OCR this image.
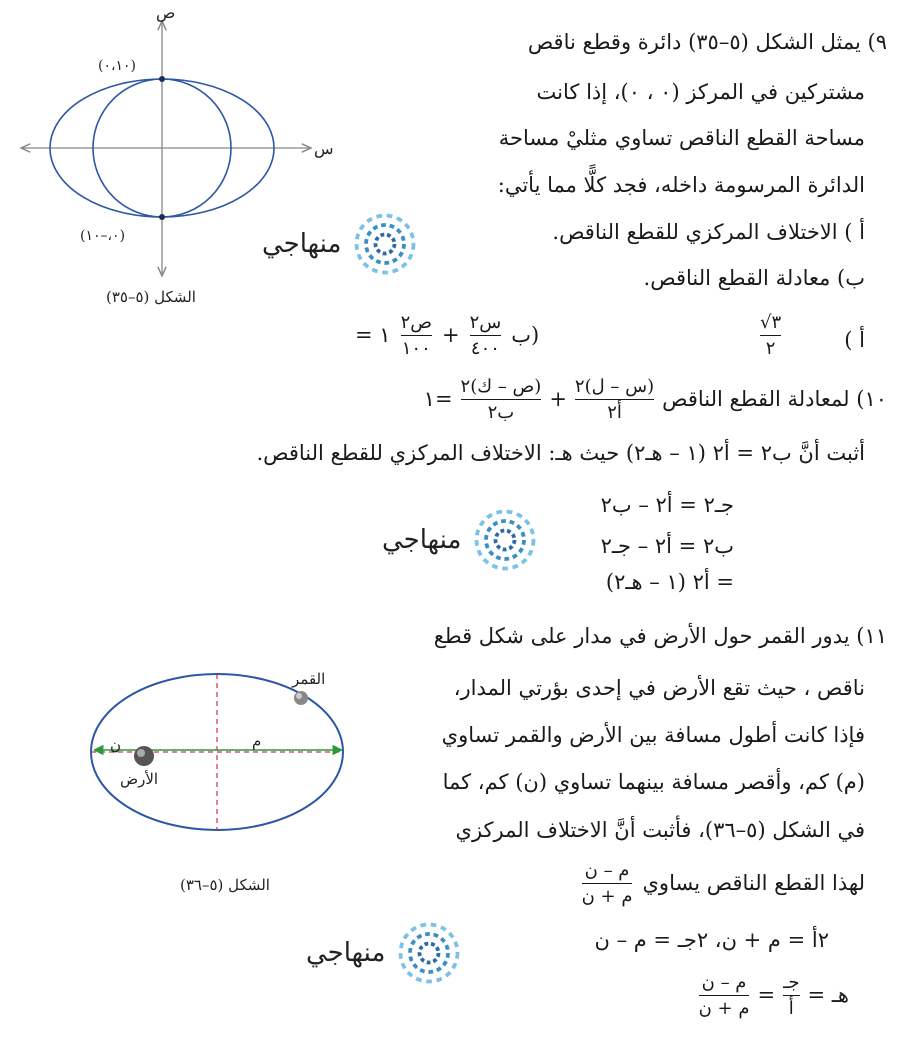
٩) يمثل الشكل (٥–٣٥) دائرة وقطع ناقص
مشتركين في المركز (٠ ، ٠)، إذا كانت
مساحة القطع الناقص تساوي مثليْ مساحة
الدائرة المرسومة داخله، فجد كلًّا مما يأتي:
أ ) الاختلاف المركزي للقطع الناقص.
ب) معادلة القطع الناقص.
أ )
$\frac{√٣}{٢}$
= ١ $\frac{\text{ص٢}}{١٠٠} + \frac{\text{س٢}}{٤٠٠}$ ب)
ص
س
(٠،١٠)
(٠،–١٠)
الشكل (٥–٣٥)
منهاجي
١٠) لمعادلة القطع الناقص
$\frac{\text{(س – ل)٢}}{\text{أ٢}}$
+
$\frac{\text{(ص – ك)٢}}{\text{ب٢}}$
=١
أثبت أنَّ ب٢ = أ٢ (١ – هـ٢) حيث هـ: الاختلاف المركزي للقطع الناقص.
جـ٢ = أ٢ – ب٢
ب٢ = أ٢ – جـ٢
= أ٢ (١ – هـ٢)
منهاجي
١١) يدور القمر حول الأرض في مدار على شكل قطع
ناقص ، حيث تقع الأرض في إحدى بؤرتي المدار،
فإذا كانت أطول مسافة بين الأرض والقمر تساوي
(م) كم، وأقصر مسافة بينهما تساوي (ن) كم، كما
في الشكل (٥–٣٦)، فأثبت أنَّ الاختلاف المركزي
لهذا القطع الناقص يساوي
$\frac{\text{م – ن}}{\text{م + ن}}$
٢أ = م + ن، ٢جـ = م – ن
هـ =
$\frac{\text{جـ}}{\text{أ}}$
=
$\frac{\text{م – ن}}{\text{م + ن}}$
القمر
الأرض
م
ن
الشكل (٥–٣٦)
منهاجي
